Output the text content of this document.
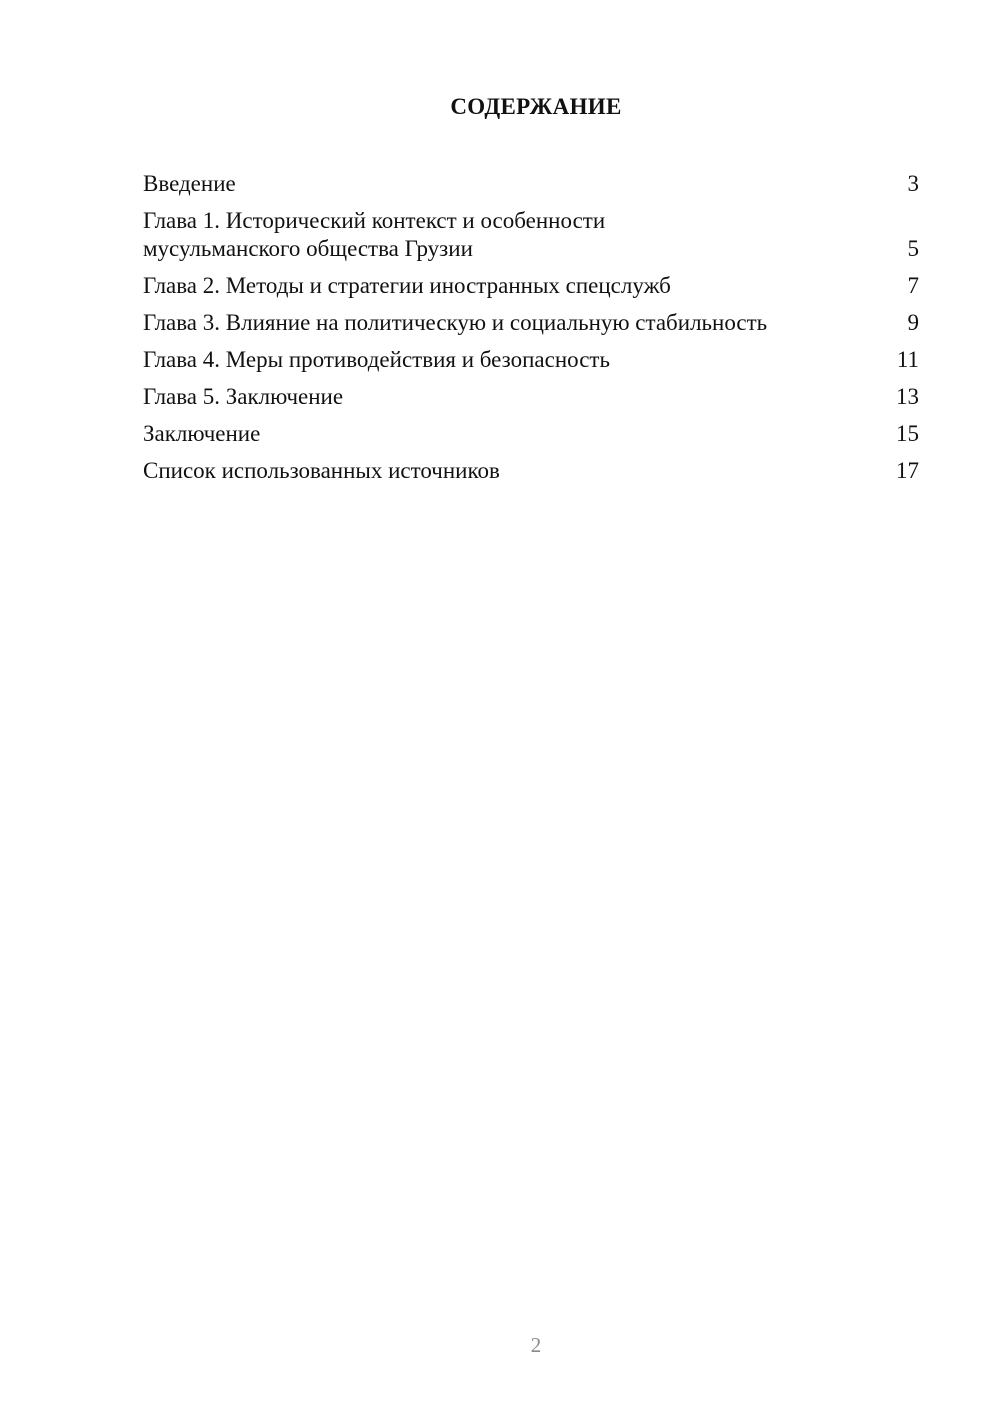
СОДЕРЖАНИЕ
Введение	3
Глава 1. Исторический контекст и особенности
мусульманского общества Грузии	5
Глава 2. Методы и стратегии иностранных спецслужб	7
Глава 3. Влияние на политическую и социальную стабильность	9
Глава 4. Меры противодействия и безопасность	11
Глава 5. Заключение	13
Заключение	15
Список использованных источников	17
2
